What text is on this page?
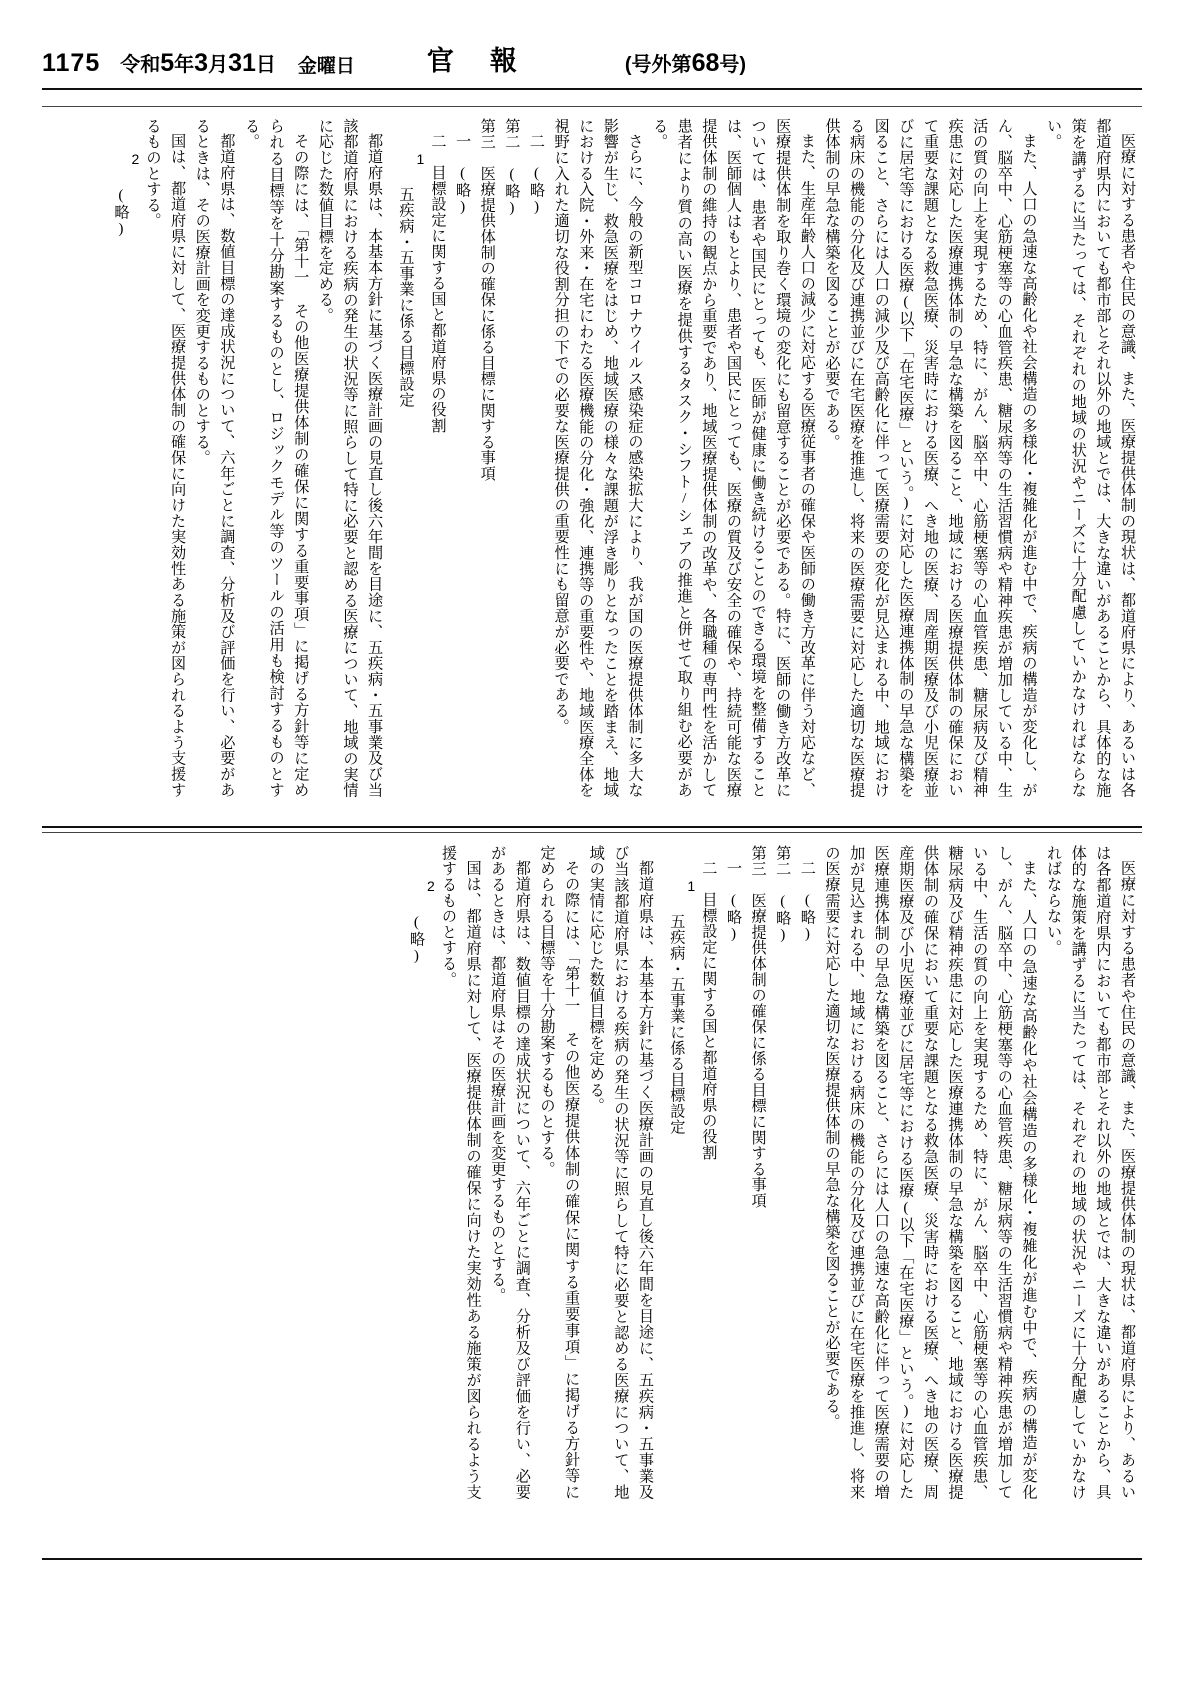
1175 令和5年3月31日 金曜日	官報	(号外第68号)

医療に対する患者や住民の意識、また、医療提供体制の現状は、都道府県により、あるいは各都道府県内においても都市部とそれ以外の地域とでは、大きな違いがあることから、具体的な施策を講ずるに当たっては、それぞれの地域の状況やニーズに十分配慮していかなければならない。

また、人口の急速な高齢化や社会構造の多様化・複雑化が進む中で、疾病の構造が変化し、がん、脳卒中、心筋梗塞等の心血管疾患、糖尿病等の生活習慣病や精神疾患が増加している中、生活の質の向上を実現するため、特に、がん、脳卒中、心筋梗塞等の心血管疾患、糖尿病及び精神疾患に対応した医療連携体制の早急な構築を図ること、地域における医療提供体制の確保において重要な課題となる救急医療、災害時における医療、へき地の医療、周産期医療及び小児医療並びに居宅等における医療(以下「在宅医療」という。)に対応した医療連携体制の早急な構築を図ること、さらには人口の減少及び高齢化に伴って医療需要の変化が見込まれる中、地域における病床の機能の分化及び連携並びに在宅医療を推進し、将来の医療需要に対応した適切な医療提供体制の早急な構築を図ることが必要である。

また、生産年齢人口の減少に対応する医療従事者の確保や医師の働き方改革に伴う対応など、医療提供体制を取り巻く環境の変化にも留意することが必要である。特に、医師の働き方改革については、患者や国民にとっても、医師が健康に働き続けることのできる環境を整備することは、医師個人はもとより、患者や国民にとっても、医療の質及び安全の確保や、持続可能な医療提供体制の維持の観点から重要であり、地域医療提供体制の改革や、各職種の専門性を活かして患者により質の高い医療を提供するタスク・シフト/シェアの推進と併せて取り組む必要がある。

さらに、今般の新型コロナウイルス感染症の感染拡大により、我が国の医療提供体制に多大な影響が生じ、救急医療をはじめ、地域医療の様々な課題が浮き彫りとなったことを踏まえ、地域における入院・外来・在宅にわたる医療機能の分化・強化、連携等の重要性や、地域医療全体を視野に入れた適切な役割分担の下での必要な医療提供の重要性にも留意が必要である。

二　(略)

第二　(略)

第三　医療提供体制の確保に係る目標に関する事項

一　(略)

二　目標設定に関する国と都道府県の役割

1　五疾病・五事業に係る目標設定

都道府県は、本基本方針に基づく医療計画の見直し後六年間を目途に、五疾病・五事業及び当該都道府県における疾病の発生の状況等に照らして特に必要と認める医療について、地域の実情に応じた数値目標を定める。

その際には、「第十一 その他医療提供体制の確保に関する重要事項」に掲げる方針等に定められる目標等を十分勘案するものとし、ロジックモデル等のツールの活用も検討するものとする。

都道府県は、数値目標の達成状況について、六年ごとに調査、分析及び評価を行い、必要があるときは、その医療計画を変更するものとする。

国は、都道府県に対して、医療提供体制の確保に向けた実効性ある施策が図られるよう支援するものとする。

2　(略)

医療に対する患者や住民の意識、また、医療提供体制の現状は、都道府県により、あるいは各都道府県内においても都市部とそれ以外の地域とでは、大きな違いがあることから、具体的な施策を講ずるに当たっては、それぞれの地域の状況やニーズに十分配慮していかなければならない。

また、人口の急速な高齢化や社会構造の多様化・複雑化が進む中で、疾病の構造が変化し、がん、脳卒中、心筋梗塞等の心血管疾患、糖尿病等の生活習慣病や精神疾患が増加している中、生活の質の向上を実現するため、特に、がん、脳卒中、心筋梗塞等の心血管疾患、糖尿病及び精神疾患に対応した医療連携体制の早急な構築を図ること、地域における医療提供体制の確保において重要な課題となる救急医療、災害時における医療、へき地の医療、周産期医療及び小児医療並びに居宅等における医療(以下「在宅医療」という。)に対応した医療連携体制の早急な構築を図ること、さらには人口の急速な高齢化に伴って医療需要の増加が見込まれる中、地域における病床の機能の分化及び連携並びに在宅医療を推進し、将来の医療需要に対応した適切な医療提供体制の早急な構築を図ることが必要である。

二　(略)

第二　(略)

第三　医療提供体制の確保に係る目標に関する事項

一　(略)

二　目標設定に関する国と都道府県の役割

1　五疾病・五事業に係る目標設定

都道府県は、本基本方針に基づく医療計画の見直し後六年間を目途に、五疾病・五事業及び当該都道府県における疾病の発生の状況等に照らして特に必要と認める医療について、地域の実情に応じた数値目標を定める。

その際には、「第十一 その他医療提供体制の確保に関する重要事項」に掲げる方針等に定められる目標等を十分勘案するものとする。

都道府県は、数値目標の達成状況について、六年ごとに調査、分析及び評価を行い、必要があるときは、都道府県はその医療計画を変更するものとする。

国は、都道府県に対して、医療提供体制の確保に向けた実効性ある施策が図られるよう支援するものとする。

2　(略)
